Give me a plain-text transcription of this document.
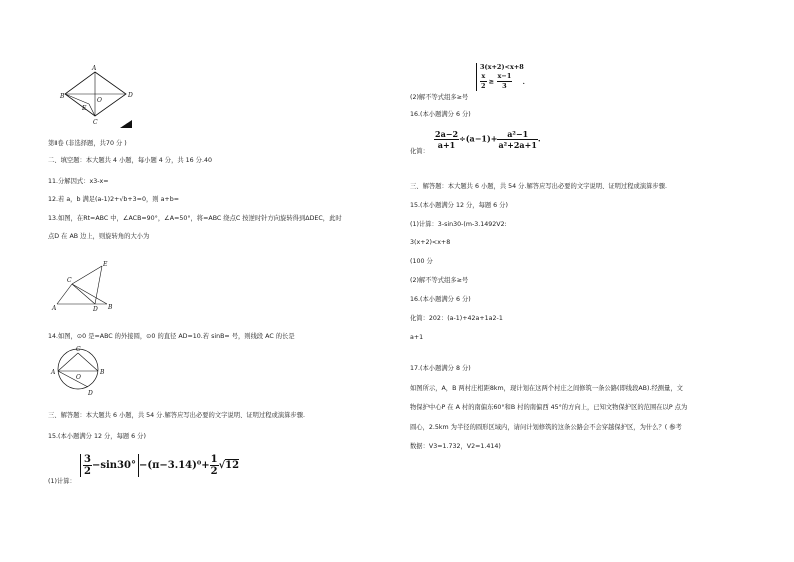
A
B
O
D
E
C
第Ⅱ卷 (非选择题，共70 分 )
二、填空题：本大题共 4 小题，每小题 4 分，共 16 分.40
11.分解因式：x3-x=
12.若 a，b 满足(a-1)2+√b+3=0，则 a+b=
13.如图，在Rt=ABC 中，∠ACB=90°，∠A=50°，将=ABC 绕点C 按逆时针方向旋转得到ΔDEC，此时
点D 在 AB 边上，则旋转角的大小为
E
C
D
A	B
14.如图，⊙0 是=ABC 的外接圆，⊙0 的直径 AD=10.若 sinB= 号，则线段 AC 的长是
A	B
C
D
O
三、解答题：本大题共 6 小题，共 54 分.解答应写出必要的文字说明、证明过程或演算步骤.
15.(本小题满分 12 分，每题 6 分)
$\frac{3}{2} -\sin 30^\circ -(\pi-3.14)^0+ \frac{1}{2} √12$
(1)计算：
3(x+2)<x+8
$\frac{x}{2} \ge \frac{x-1}{3}$ .
(2)解不等式组多≥号
16.(本小题满分 6 分)
$\frac{2a-2}{a+1} \div(a-1)+ \frac{\text{a²−1}}{\text{a²+2a+1}}$ .
化简：
三、解答题：本大题共 6 小题，共 54 分.解答应写出必要的文字说明、证明过程或演算步骤.
15.(本小题满分 12 分，每题 6 分)
(1)计算：3-sin30-(m-3.1492V2:
3(x+2)<x+8
(100 分
(2)解不等式组多≥号
16.(本小题满分 6 分)
化简：202：(a-1)+42a+1a2-1
a+1
17.(本小题满分 8 分)
如图所示，A，B 两村庄相距8km，现计划在这两个村庄之间修筑一条公路(即线段AB).经测量，文
物保护中心P 在 A 村的南偏东60°和B 村的南偏西 45°的方向上，已知文物保护区的范围在以P 点为
圆心，2.5km 为半径的圆形区域内，请问计划修筑的这条公路会不会穿越保护区，为什么？( 参考
数据：V3=1.732，V2=1.414)
